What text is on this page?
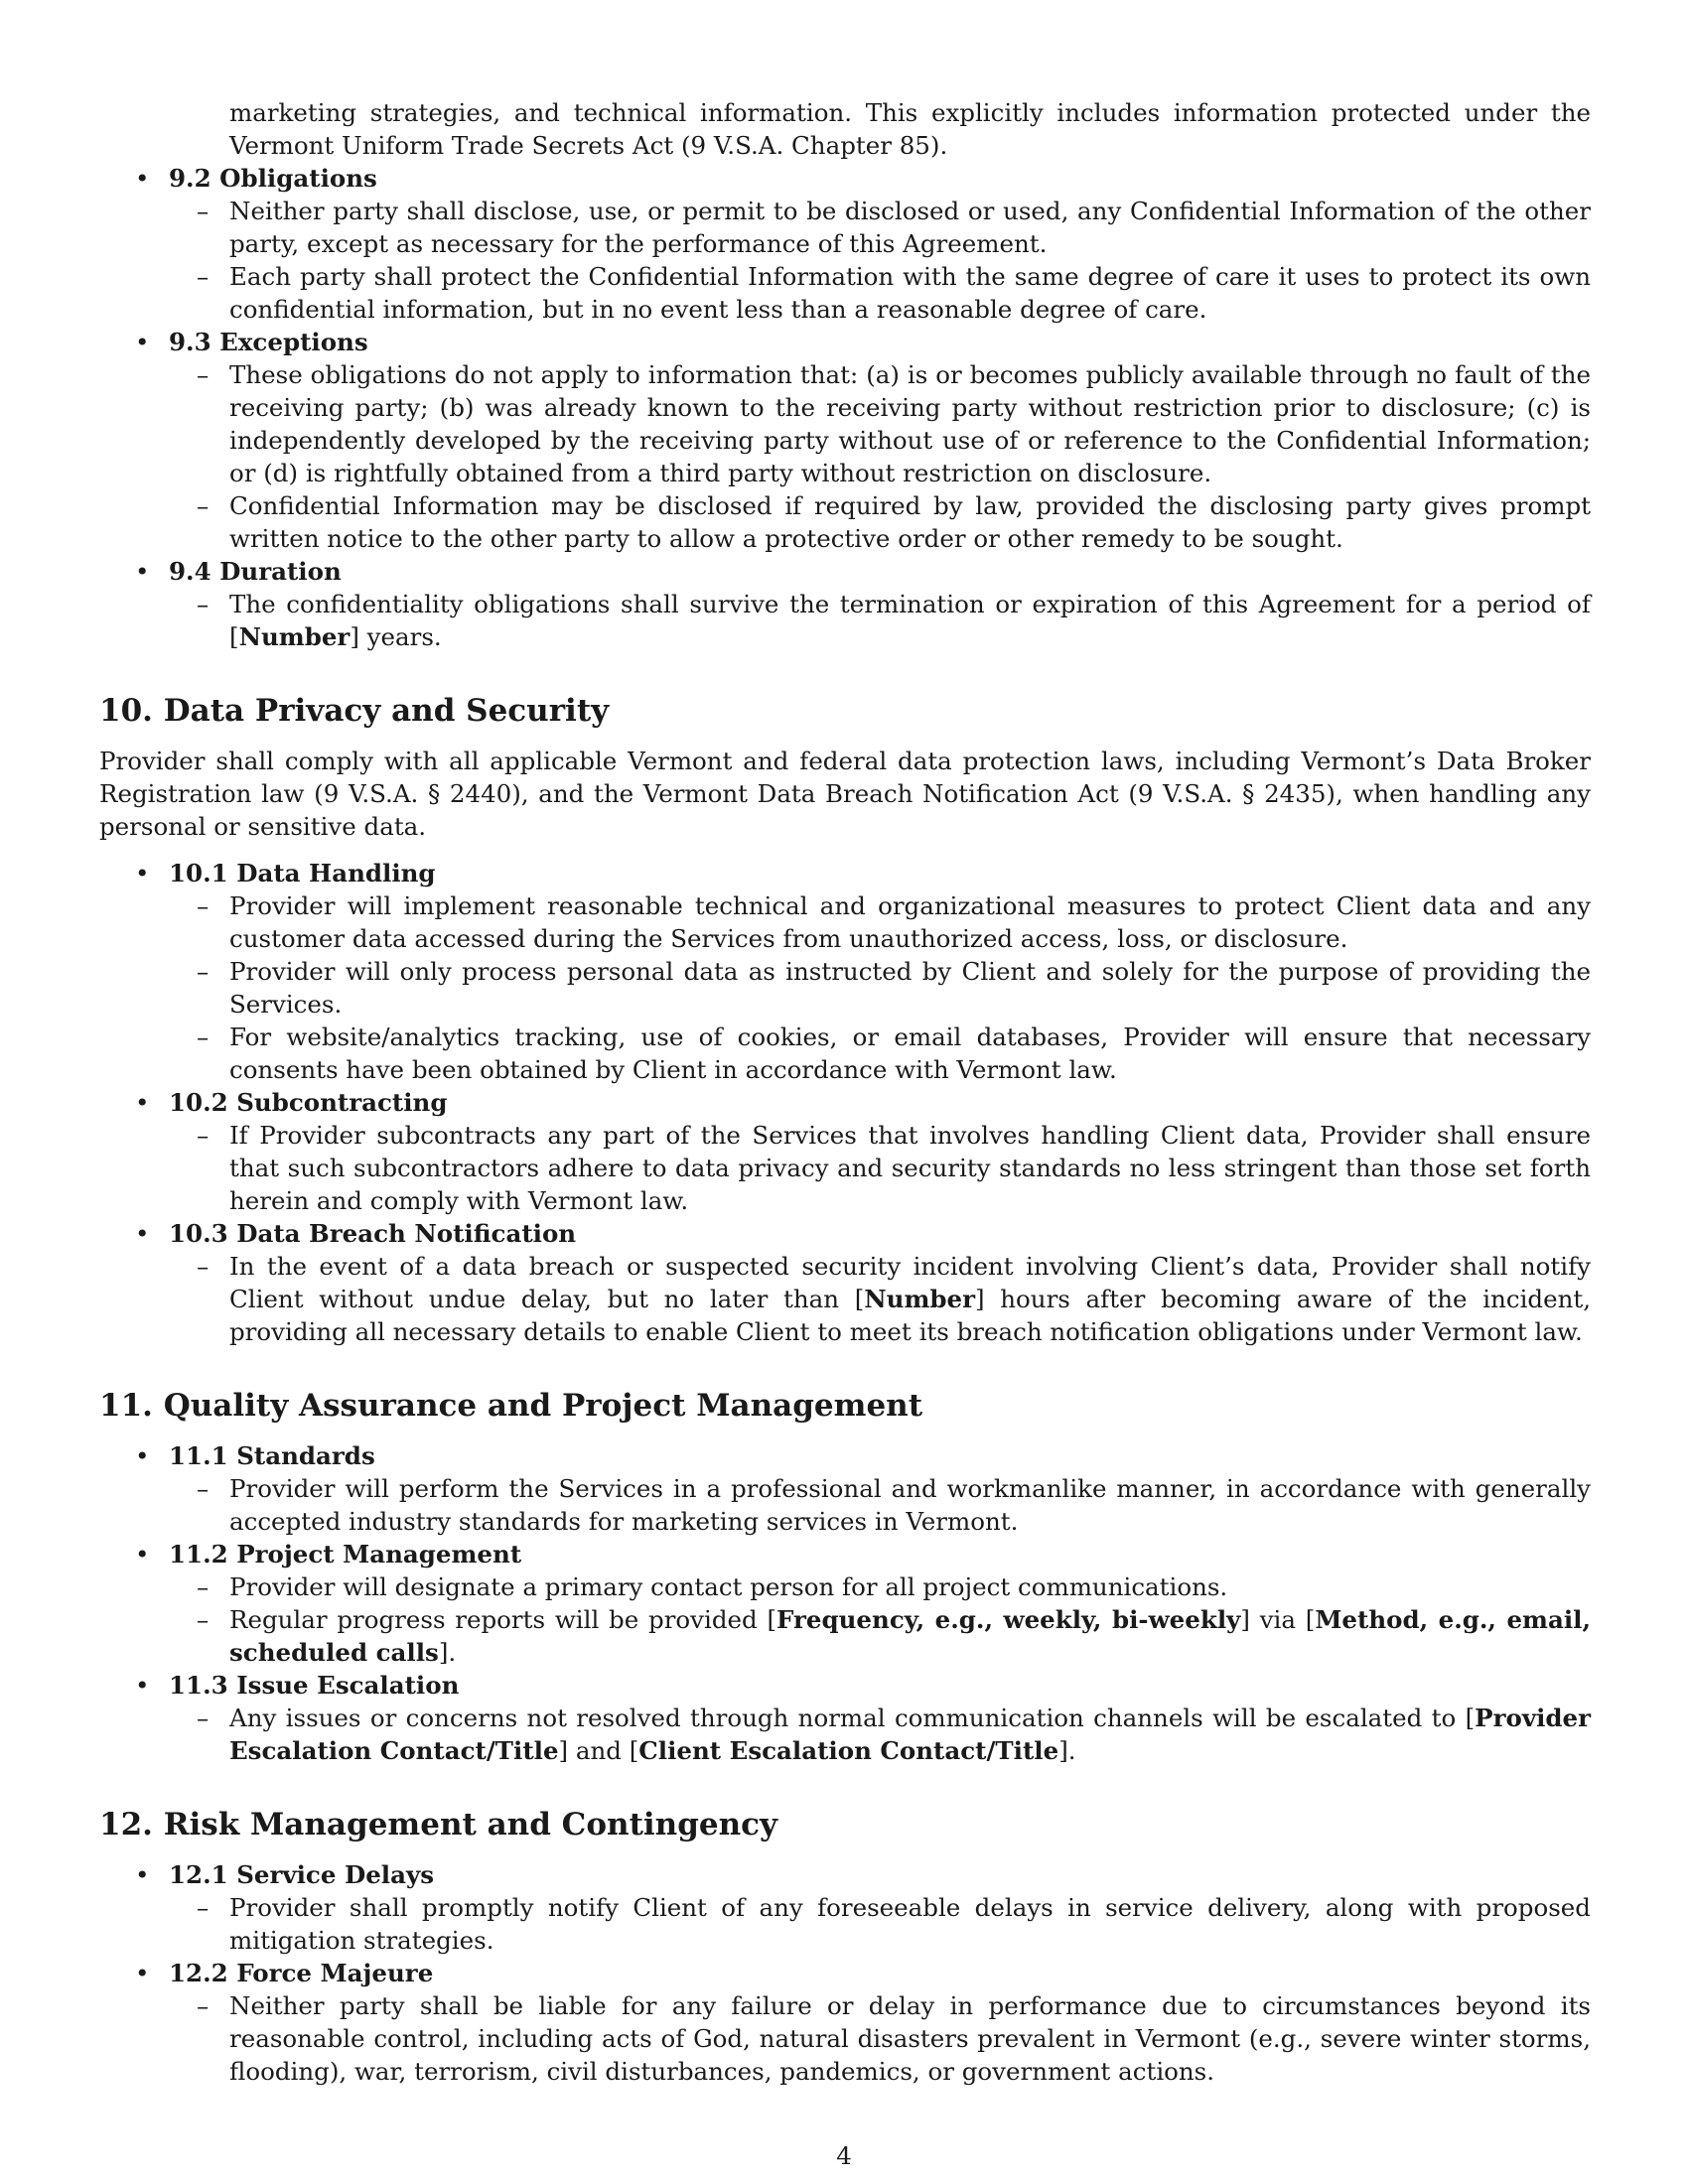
marketing strategies, and technical information. This explicitly includes information protected under the Vermont Uniform Trade Secrets Act (9 V.S.A. Chapter 85).
• 9.2 Obligations
– Neither party shall disclose, use, or permit to be disclosed or used, any Confidential Information of the other party, except as necessary for the performance of this Agreement.
– Each party shall protect the Confidential Information with the same degree of care it uses to protect its own confidential information, but in no event less than a reasonable degree of care.
• 9.3 Exceptions
– These obligations do not apply to information that: (a) is or becomes publicly available through no fault of the receiving party; (b) was already known to the receiving party without restriction prior to disclosure; (c) is independently developed by the receiving party without use of or reference to the Confidential Information; or (d) is rightfully obtained from a third party without restriction on disclosure.
– Confidential Information may be disclosed if required by law, provided the disclosing party gives prompt written notice to the other party to allow a protective order or other remedy to be sought.
• 9.4 Duration
– The confidentiality obligations shall survive the termination or expiration of this Agreement for a period of [Number] years.
10. Data Privacy and Security
Provider shall comply with all applicable Vermont and federal data protection laws, including Vermont’s Data Broker Registration law (9 V.S.A. § 2440), and the Vermont Data Breach Notification Act (9 V.S.A. § 2435), when handling any personal or sensitive data.
• 10.1 Data Handling
– Provider will implement reasonable technical and organizational measures to protect Client data and any customer data accessed during the Services from unauthorized access, loss, or disclosure.
– Provider will only process personal data as instructed by Client and solely for the purpose of providing the Services.
– For website/analytics tracking, use of cookies, or email databases, Provider will ensure that necessary consents have been obtained by Client in accordance with Vermont law.
• 10.2 Subcontracting
– If Provider subcontracts any part of the Services that involves handling Client data, Provider shall ensure that such subcontractors adhere to data privacy and security standards no less stringent than those set forth herein and comply with Vermont law.
• 10.3 Data Breach Notification
– In the event of a data breach or suspected security incident involving Client’s data, Provider shall notify Client without undue delay, but no later than [Number] hours after becoming aware of the incident, providing all necessary details to enable Client to meet its breach notification obligations under Vermont law.
11. Quality Assurance and Project Management
• 11.1 Standards
– Provider will perform the Services in a professional and workmanlike manner, in accordance with generally accepted industry standards for marketing services in Vermont.
• 11.2 Project Management
– Provider will designate a primary contact person for all project communications.
– Regular progress reports will be provided [Frequency, e.g., weekly, bi-weekly] via [Method, e.g., email, scheduled calls].
• 11.3 Issue Escalation
– Any issues or concerns not resolved through normal communication channels will be escalated to [Provider Escalation Contact/Title] and [Client Escalation Contact/Title].
12. Risk Management and Contingency
• 12.1 Service Delays
– Provider shall promptly notify Client of any foreseeable delays in service delivery, along with proposed mitigation strategies.
• 12.2 Force Majeure
– Neither party shall be liable for any failure or delay in performance due to circumstances beyond its reasonable control, including acts of God, natural disasters prevalent in Vermont (e.g., severe winter storms, flooding), war, terrorism, civil disturbances, pandemics, or government actions.
4
